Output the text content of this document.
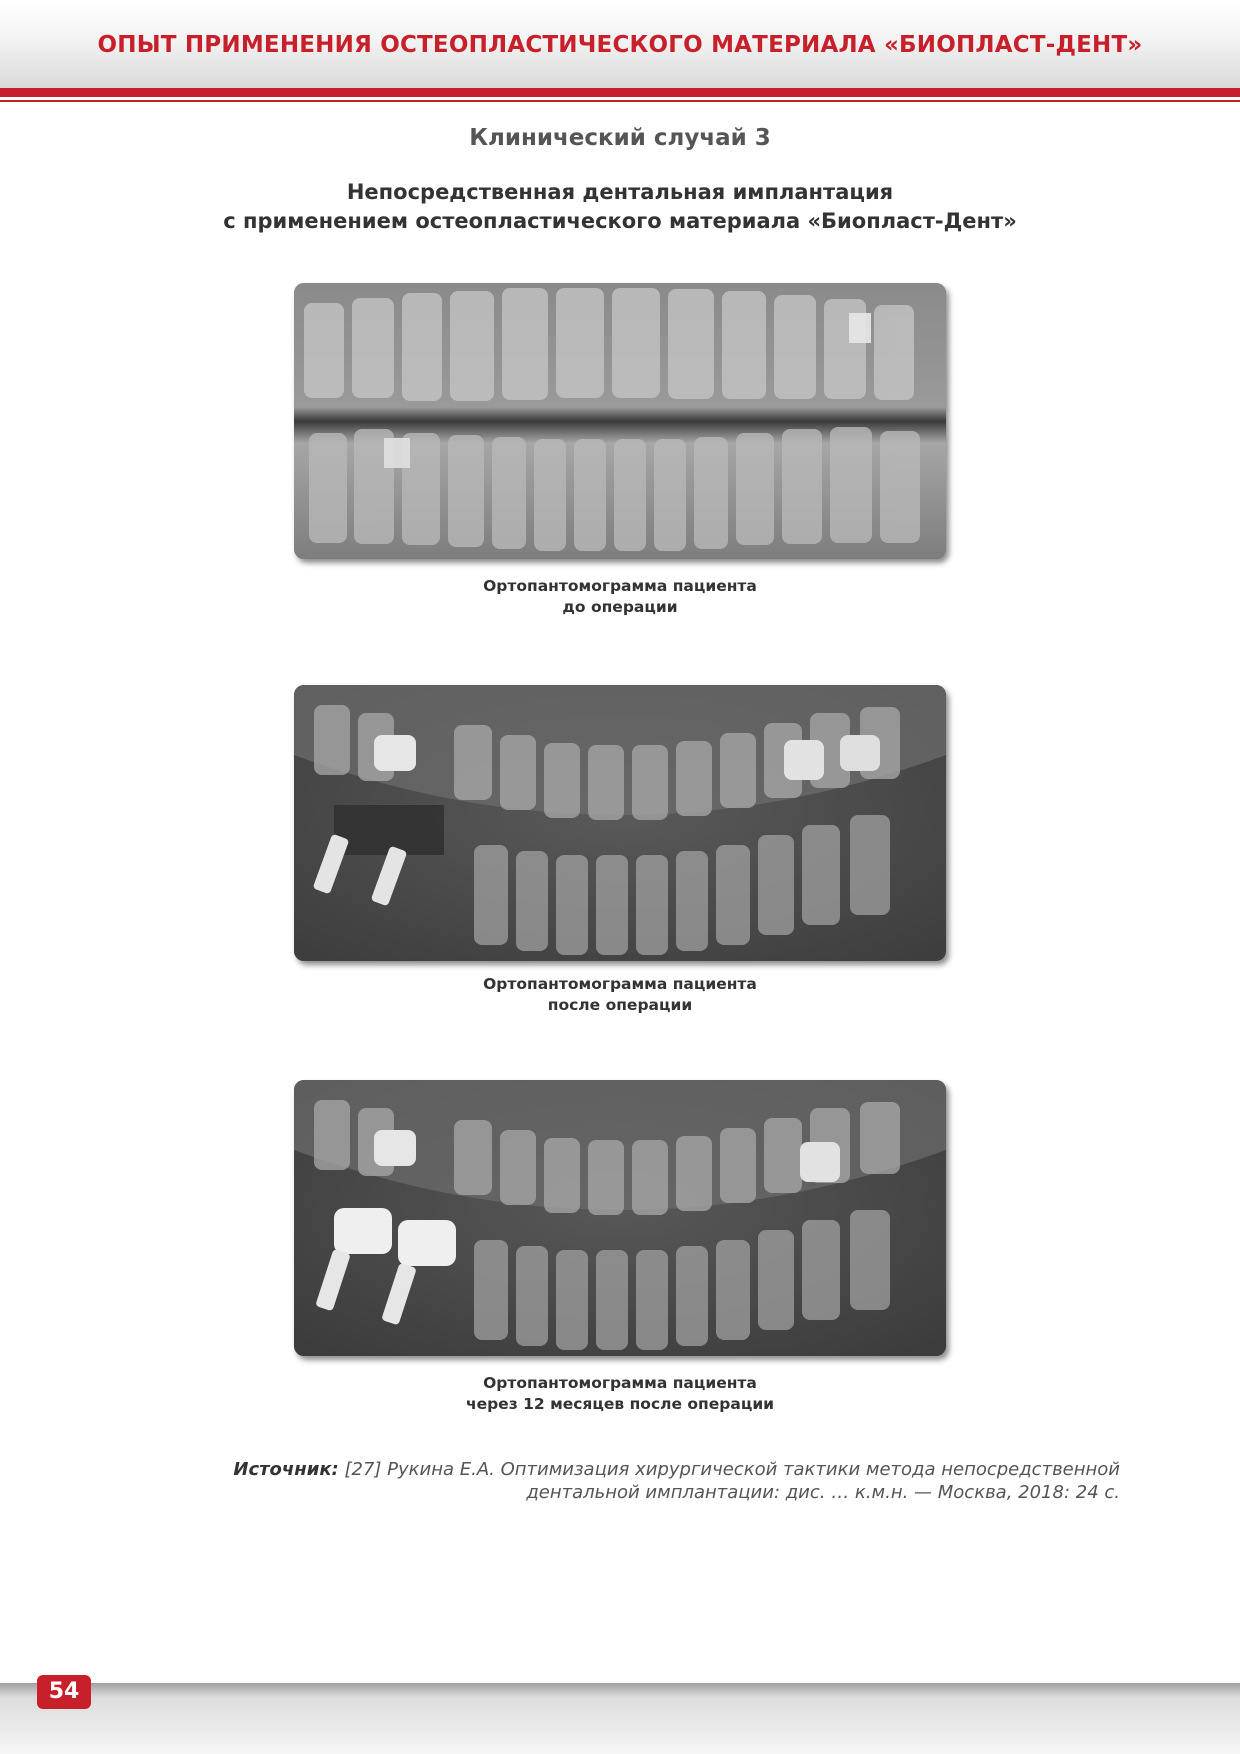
ОПЫТ ПРИМЕНЕНИЯ ОСТЕОПЛАСТИЧЕСКОГО МАТЕРИАЛА «БИОПЛАСТ-ДЕНТ»
Клинический случай 3
Непосредственная дентальная имплантация
с применением остеопластического материала «Биопласт-Дент»
Ортопантомограмма пациента
до операции
Ортопантомограмма пациента
после операции
Ортопантомограмма пациента
через 12 месяцев после операции
Источник: [27] Рукина Е.А. Оптимизация хирургической тактики метода непосредственной
дентальной имплантации: дис. … к.м.н. — Москва, 2018: 24 с.
54
